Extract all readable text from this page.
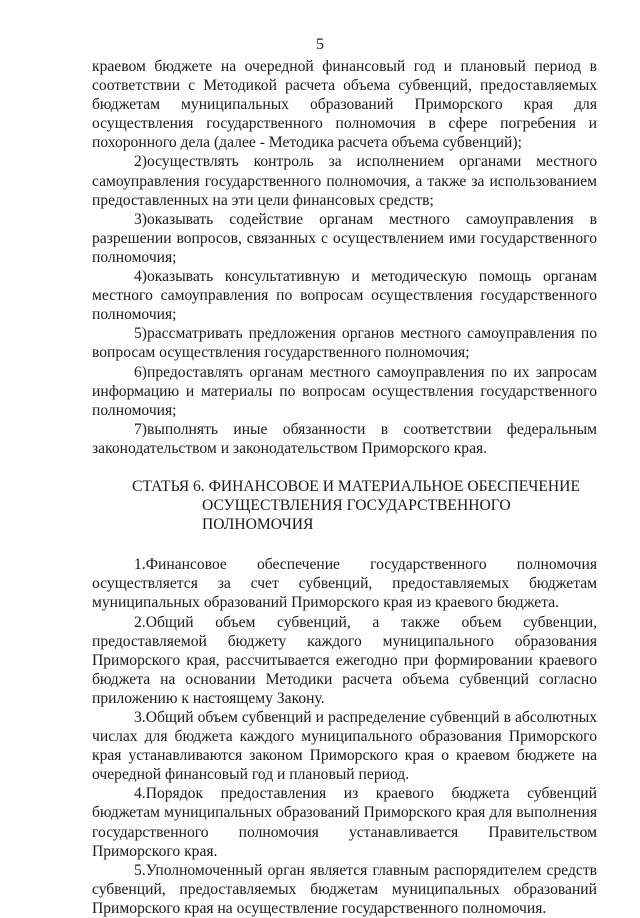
5

краевом бюджете на очередной финансовый год и плановый период в соответствии с Методикой расчета объема субвенций, предоставляемых бюджетам муниципальных образований Приморского края для осуществления государственного полномочия в сфере погребения и похоронного дела (далее - Методика расчета объема субвенций);

2)осуществлять контроль за исполнением органами местного самоуправления государственного полномочия, а также за использованием предоставленных на эти цели финансовых средств;

3)оказывать содействие органам местного самоуправления в разрешении вопросов, связанных с осуществлением ими государственного полномочия;

4)оказывать консультативную и методическую помощь органам местного самоуправления по вопросам осуществления государственного полномочия;

5)рассматривать предложения органов местного самоуправления по вопросам осуществления государственного полномочия;

6)предоставлять органам местного самоуправления по их запросам информацию и материалы по вопросам осуществления государственного полномочия;

7)выполнять иные обязанности в соответствии федеральным законодательством и законодательством Приморского края.

СТАТЬЯ 6. ФИНАНСОВОЕ И МАТЕРИАЛЬНОЕ ОБЕСПЕЧЕНИЕ
ОСУЩЕСТВЛЕНИЯ ГОСУДАРСТВЕННОГО
ПОЛНОМОЧИЯ

1.Финансовое обеспечение государственного полномочия осуществляется за счет субвенций, предоставляемых бюджетам муниципальных образований Приморского края из краевого бюджета.

2.Общий объем субвенций, а также объем субвенции, предоставляемой бюджету каждого муниципального образования Приморского края, рассчитывается ежегодно при формировании краевого бюджета на основании Методики расчета объема субвенций согласно приложению к настоящему Закону.

3.Общий объем субвенций и распределение субвенций в абсолютных числах для бюджета каждого муниципального образования Приморского края устанавливаются законом Приморского края о краевом бюджете на очередной финансовый год и плановый период.

4.Порядок предоставления из краевого бюджета субвенций бюджетам муниципальных образований Приморского края для выполнения государственного полномочия устанавливается Правительством Приморского края.

5.Уполномоченный орган является главным распорядителем средств субвенций, предоставляемых бюджетам муниципальных образований Приморского края на осуществление государственного полномочия.
